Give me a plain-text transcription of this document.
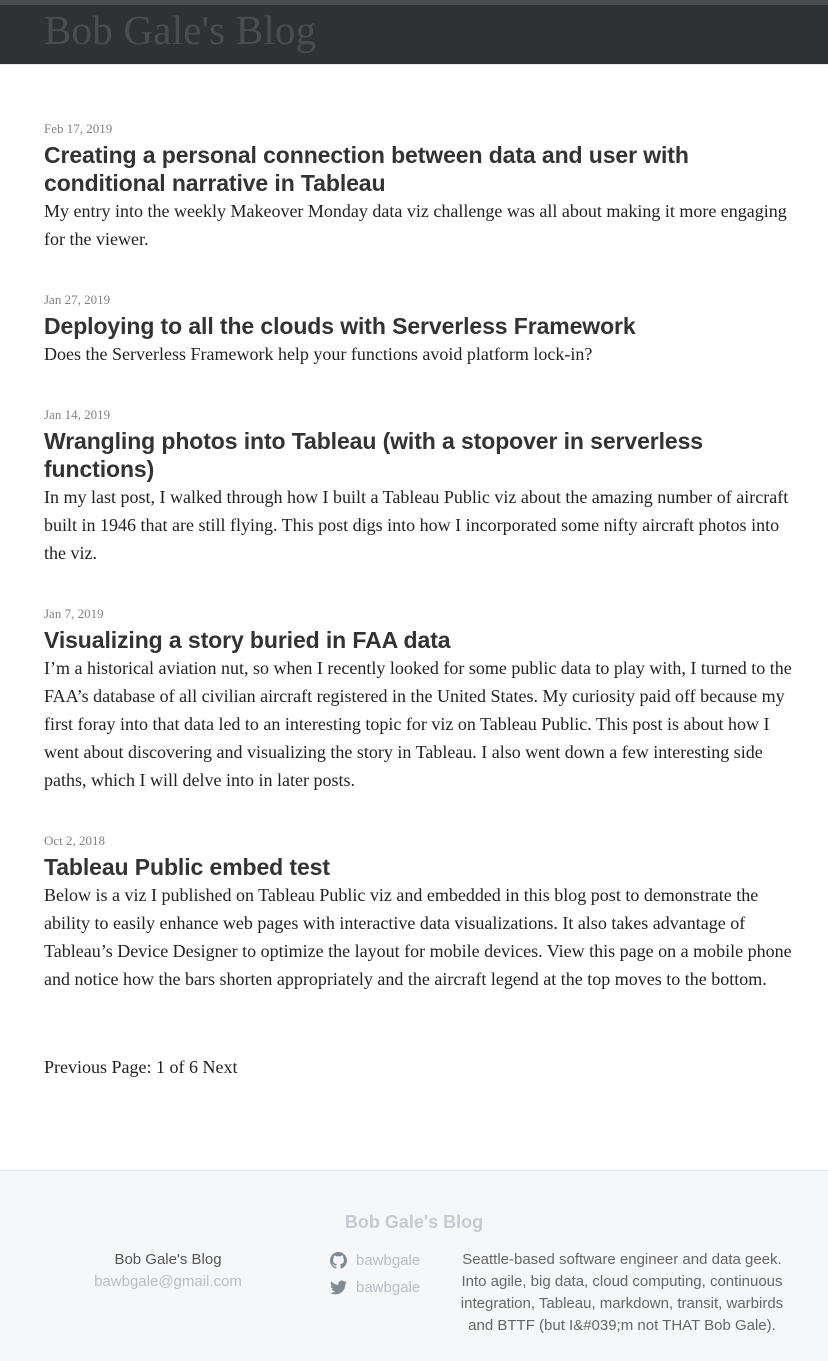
Bob Gale's Blog
Feb 17, 2019
Creating a personal connection between data and user with conditional narrative in Tableau

My entry into the weekly Makeover Monday data viz challenge was all about making it more engaging for the viewer.

Jan 27, 2019
Deploying to all the clouds with Serverless Framework

Does the Serverless Framework help your functions avoid platform lock-in?

Jan 14, 2019
Wrangling photos into Tableau (with a stopover in serverless functions)

In my last post, I walked through how I built a Tableau Public viz about the amazing number of aircraft built in 1946 that are still flying. This post digs into how I incorporated some nifty aircraft photos into the viz.

Jan 7, 2019
Visualizing a story buried in FAA data

I’m a historical aviation nut, so when I recently looked for some public data to play with, I turned to the FAA’s database of all civilian aircraft registered in the United States. My curiosity paid off because my first foray into that data led to an interesting topic for viz on Tableau Public. This post is about how I went about discovering and visualizing the story in Tableau. I also went down a few interesting side paths, which I will delve into in later posts.

Oct 2, 2018
Tableau Public embed test

Below is a viz I published on Tableau Public viz and embedded in this blog post to demonstrate the ability to easily enhance web pages with interactive data visualizations. It also takes advantage of Tableau’s Device Designer to optimize the layout for mobile devices. View this page on a mobile phone and notice how the bars shorten appropriately and the aircraft legend at the top moves to the bottom.

Previous Page: 1 of 6 Next
Bob Gale's Blog
Bob Gale's Blog
bawbgale@gmail.com
bawbgale
bawbgale
Seattle-based software engineer and data geek. Into agile, big data, cloud computing, continuous integration, Tableau, markdown, transit, warbirds and BTTF (but I&#039;m not THAT Bob Gale).
